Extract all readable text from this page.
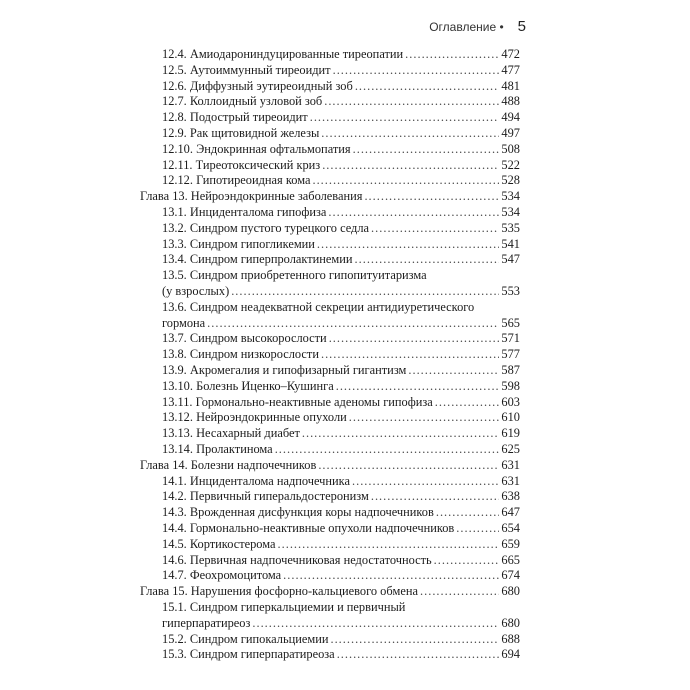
Оглавление • 5
12.4. Амиодарониндуцированные тиреопатии .....	472
12.5. Аутоиммунный тиреоидит .....	477
12.6. Диффузный эутиреоидный зоб .....	481
12.7. Коллоидный узловой зоб .....	488
12.8. Подострый тиреоидит .....	494
12.9. Рак щитовидной железы .....	497
12.10. Эндокринная офтальмопатия .....	508
12.11. Тиреотоксический криз .....	522
12.12. Гипотиреоидная кома .....	528
Глава 13. Нейроэндокринные заболевания .....	534
13.1. Инциденталома гипофиза .....	534
13.2. Синдром пустого турецкого седла .....	535
13.3. Синдром гипогликемии .....	541
13.4. Синдром гиперпролактинемии .....	547
13.5. Синдром приобретенного гипопитуитаризма
(у взрослых) .....	553
13.6. Синдром неадекватной секреции антидиуретического
гормона .....	565
13.7. Синдром высокорослости .....	571
13.8. Синдром низкорослости .....	577
13.9. Акромегалия и гипофизарный гигантизм .....	587
13.10. Болезнь Иценко–Кушинга .....	598
13.11. Гормонально-неактивные аденомы гипофиза .....	603
13.12. Нейроэндокринные опухоли .....	610
13.13. Несахарный диабет .....	619
13.14. Пролактинома .....	625
Глава 14. Болезни надпочечников .....	631
14.1. Инциденталома надпочечника .....	631
14.2. Первичный гиперальдостеронизм .....	638
14.3. Врожденная дисфункция коры надпочечников .....	647
14.4. Гормонально-неактивные опухоли надпочечников .....	654
14.5. Кортикостерома .....	659
14.6. Первичная надпочечниковая недостаточность .....	665
14.7. Феохромоцитома .....	674
Глава 15. Нарушения фосфорно-кальциевого обмена .....	680
15.1. Синдром гиперкальциемии и первичный
гиперпаратиреоз .....	680
15.2. Синдром гипокальциемии .....	688
15.3. Синдром гиперпаратиреоза .....	694
